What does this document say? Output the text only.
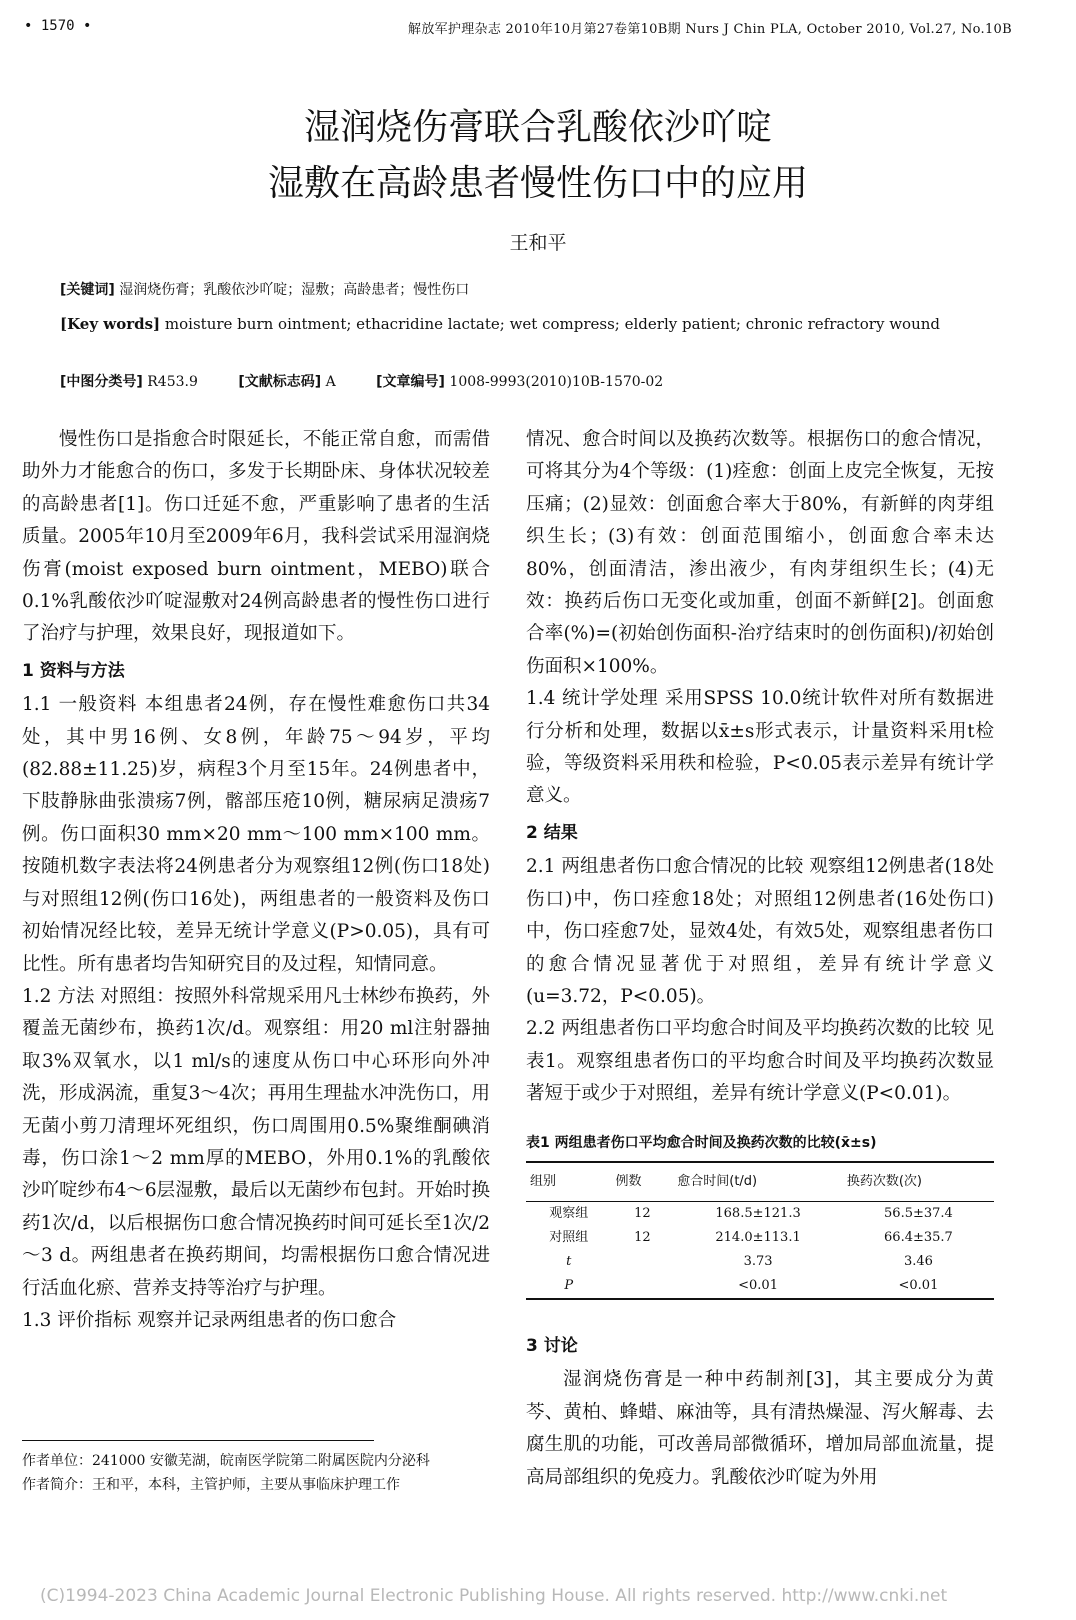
• 1570 •	解放军护理杂志 2010年10月第27卷第10B期 Nurs J Chin PLA, October 2010, Vol.27, No.10B
湿润烧伤膏联合乳酸依沙吖啶
湿敷在高龄患者慢性伤口中的应用
王和平
[关键词] 湿润烧伤膏；乳酸依沙吖啶；湿敷；高龄患者；慢性伤口
[Key words] moisture burn ointment; ethacridine lactate; wet compress; elderly patient; chronic refractory wound
[中图分类号] R453.9	[文献标志码] A	[文章编号] 1008-9993(2010)10B-1570-02

慢性伤口是指愈合时限延长，不能正常自愈，而需借助外力才能愈合的伤口，多发于长期卧床、身体状况较差的高龄患者[1]。伤口迁延不愈，严重影响了患者的生活质量。2005年10月至2009年6月，我科尝试采用湿润烧伤膏(moist exposed burn ointment，MEBO)联合0.1%乳酸依沙吖啶湿敷对24例高龄患者的慢性伤口进行了治疗与护理，效果良好，现报道如下。

1 资料与方法

1.1 一般资料 本组患者24例，存在慢性难愈伤口共34处，其中男16例、女8例，年龄75～94岁，平均(82.88±11.25)岁，病程3个月至15年。24例患者中，下肢静脉曲张溃疡7例，髂部压疮10例，糖尿病足溃疡7例。伤口面积30 mm×20 mm～100 mm×100 mm。按随机数字表法将24例患者分为观察组12例(伤口18处)与对照组12例(伤口16处)，两组患者的一般资料及伤口初始情况经比较，差异无统计学意义(P>0.05)，具有可比性。所有患者均告知研究目的及过程，知情同意。

1.2 方法 对照组：按照外科常规采用凡士林纱布换药，外覆盖无菌纱布，换药1次/d。观察组：用20 ml注射器抽取3%双氧水，以1 ml/s的速度从伤口中心环形向外冲洗，形成涡流，重复3～4次；再用生理盐水冲洗伤口，用无菌小剪刀清理坏死组织，伤口周围用0.5%聚维酮碘消毒，伤口涂1～2 mm厚的MEBO，外用0.1%的乳酸依沙吖啶纱布4～6层湿敷，最后以无菌纱布包封。开始时换药1次/d，以后根据伤口愈合情况换药时间可延长至1次/2～3 d。两组患者在换药期间，均需根据伤口愈合情况进行活血化瘀、营养支持等治疗与护理。

1.3 评价指标 观察并记录两组患者的伤口愈合

作者单位：241000 安徽芜湖，皖南医学院第二附属医院内分泌科
作者简介：王和平，本科，主管护师，主要从事临床护理工作

情况、愈合时间以及换药次数等。根据伤口的愈合情况，可将其分为4个等级：(1)痊愈：创面上皮完全恢复，无按压痛；(2)显效：创面愈合率大于80%，有新鲜的肉芽组织生长；(3)有效：创面范围缩小，创面愈合率未达80%，创面清洁，渗出液少，有肉芽组织生长；(4)无效：换药后伤口无变化或加重，创面不新鲜[2]。创面愈合率(%)=(初始创伤面积-治疗结束时的创伤面积)/初始创伤面积×100%。

1.4 统计学处理 采用SPSS 10.0统计软件对所有数据进行分析和处理，数据以x̄±s形式表示，计量资料采用t检验，等级资料采用秩和检验，P<0.05表示差异有统计学意义。

2 结果

2.1 两组患者伤口愈合情况的比较 观察组12例患者(18处伤口)中，伤口痊愈18处；对照组12例患者(16处伤口)中，伤口痊愈7处，显效4处，有效5处，观察组患者伤口的愈合情况显著优于对照组，差异有统计学意义(u=3.72，P<0.05)。

2.2 两组患者伤口平均愈合时间及平均换药次数的比较 见表1。观察组患者伤口的平均愈合时间及平均换药次数显著短于或少于对照组，差异有统计学意义(P<0.01)。

表1 两组患者伤口平均愈合时间及换药次数的比较(x̄±s)
组别	例数	愈合时间(t/d)	换药次数(次)
观察组	12	168.5±121.3	56.5±37.4
对照组	12	214.0±113.1	66.4±35.7
t		3.73	3.46
P		<0.01	<0.01
3 讨论

湿润烧伤膏是一种中药制剂[3]，其主要成分为黄芩、黄柏、蜂蜡、麻油等，具有清热燥湿、泻火解毒、去腐生肌的功能，可改善局部微循环，增加局部血流量，提高局部组织的免疫力。乳酸依沙吖啶为外用

(C)1994-2023 China Academic Journal Electronic Publishing House. All rights reserved. http://www.cnki.net
